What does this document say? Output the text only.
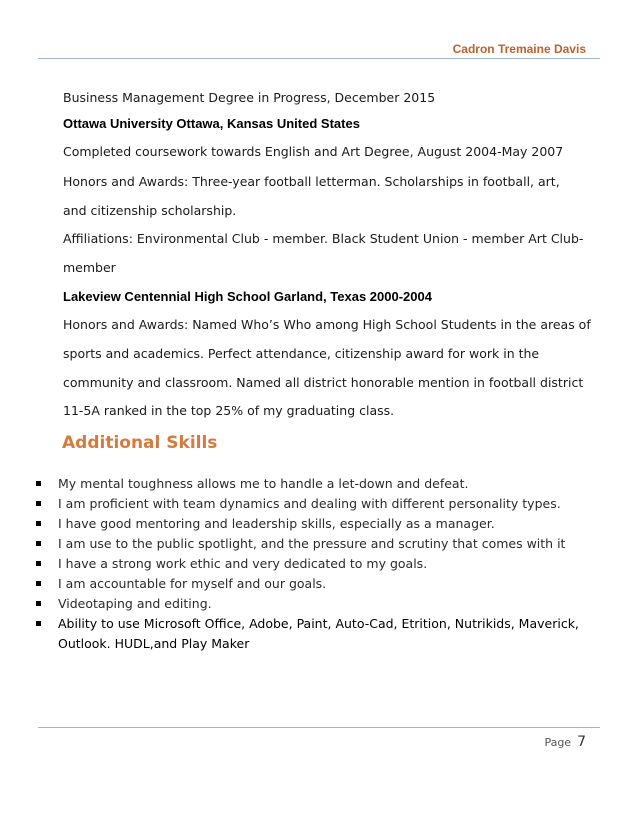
Cadron Tremaine Davis
Business Management Degree in Progress, December 2015
Ottawa University Ottawa, Kansas United States
Completed coursework towards English and Art Degree, August 2004-May 2007
Honors and Awards: Three-year football letterman. Scholarships in football, art,
and citizenship scholarship.
Affiliations: Environmental Club - member. Black Student Union - member Art Club-
member
Lakeview Centennial High School Garland, Texas 2000-2004
Honors and Awards: Named Who’s Who among High School Students in the areas of
sports and academics. Perfect attendance, citizenship award for work in the
community and classroom. Named all district honorable mention in football district
11-5A ranked in the top 25% of my graduating class.
Additional Skills
My mental toughness allows me to handle a let-down and defeat.
I am proficient with team dynamics and dealing with different personality types.
I have good mentoring and leadership skills, especially as a manager.
I am use to the public spotlight, and the pressure and scrutiny that comes with it
I have a strong work ethic and very dedicated to my goals.
I am accountable for myself and our goals.
Videotaping and editing.
Ability to use Microsoft Office, Adobe, Paint, Auto-Cad, Etrition, Nutrikids, Maverick, Outlook. HUDL,and Play Maker
Page 7
